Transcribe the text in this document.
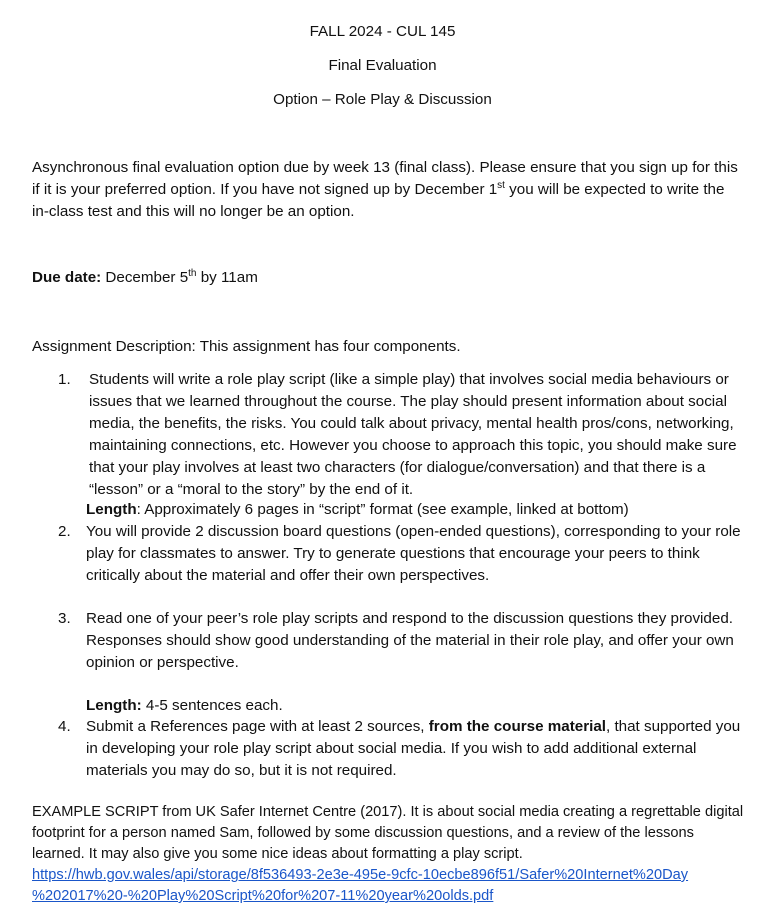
FALL 2024 - CUL 145
Final Evaluation
Option – Role Play & Discussion
Asynchronous final evaluation option due by week 13 (final class). Please ensure that you sign up for this if it is your preferred option. If you have not signed up by December 1st you will be expected to write the in-class test and this will no longer be an option.
Due date: December 5th by 11am
Assignment Description: This assignment has four components.
1.	Students will write a role play script (like a simple play) that involves social media behaviours or issues that we learned throughout the course. The play should present information about social media, the benefits, the risks. You could talk about privacy, mental health pros/cons, networking, maintaining connections, etc. However you choose to approach this topic, you should make sure that your play involves at least two characters (for dialogue/conversation) and that there is a “lesson” or a “moral to the story” by the end of it.
Length: Approximately 6 pages in “script” format (see example, linked at bottom)
2.	You will provide 2 discussion board questions (open-ended questions), corresponding to your role play for classmates to answer. Try to generate questions that encourage your peers to think critically about the material and offer their own perspectives.
3.	Read one of your peer’s role play scripts and respond to the discussion questions they provided. Responses should show good understanding of the material in their role play, and offer your own opinion or perspective.
Length: 4-5 sentences each.
4.	Submit a References page with at least 2 sources, from the course material, that supported you in developing your role play script about social media. If you wish to add additional external materials you may do so, but it is not required.
EXAMPLE SCRIPT from UK Safer Internet Centre (2017). It is about social media creating a regrettable digital footprint for a person named Sam, followed by some discussion questions, and a review of the lessons learned. It may also give you some nice ideas about formatting a play script.
https://hwb.gov.wales/api/storage/8f536493-2e3e-495e-9cfc-10ecbe896f51/Safer%20Internet%20Day
%202017%20-%20Play%20Script%20for%207-11%20year%20olds.pdf
